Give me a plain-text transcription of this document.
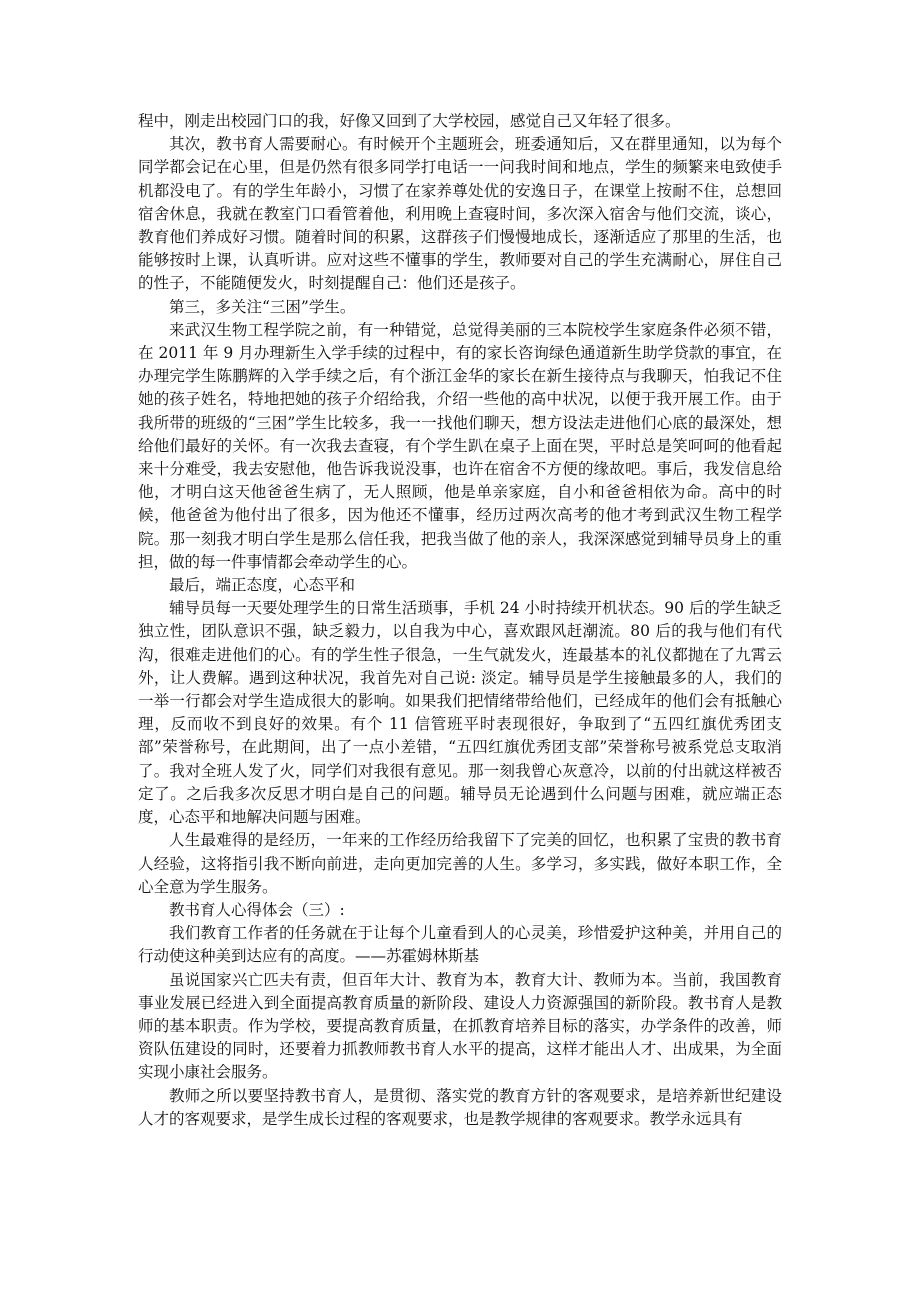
程中，刚走出校园门口的我，好像又回到了大学校园，感觉自己又年轻了很多。

其次，教书育人需要耐心。有时候开个主题班会，班委通知后，又在群里通知，以为每个同学都会记在心里，但是仍然有很多同学打电话一一问我时间和地点，学生的频繁来电致使手机都没电了。有的学生年龄小，习惯了在家养尊处优的安逸日子，在课堂上按耐不住，总想回宿舍休息，我就在教室门口看管着他，利用晚上查寝时间，多次深入宿舍与他们交流，谈心，教育他们养成好习惯。随着时间的积累，这群孩子们慢慢地成长，逐渐适应了那里的生活，也能够按时上课，认真听讲。应对这些不懂事的学生，教师要对自己的学生充满耐心，屏住自己的性子，不能随便发火，时刻提醒自己：他们还是孩子。

第三，多关注“三困”学生。

来武汉生物工程学院之前，有一种错觉，总觉得美丽的三本院校学生家庭条件必须不错，在 2011 年 9 月办理新生入学手续的过程中，有的家长咨询绿色通道新生助学贷款的事宜，在办理完学生陈鹏辉的入学手续之后，有个浙江金华的家长在新生接待点与我聊天，怕我记不住她的孩子姓名，特地把她的孩子介绍给我，介绍一些他的高中状况，以便于我开展工作。由于我所带的班级的“三困”学生比较多，我一一找他们聊天，想方设法走进他们心底的最深处，想给他们最好的关怀。有一次我去查寝，有个学生趴在桌子上面在哭，平时总是笑呵呵的他看起来十分难受，我去安慰他，他告诉我说没事，也许在宿舍不方便的缘故吧。事后，我发信息给他，才明白这天他爸爸生病了，无人照顾，他是单亲家庭，自小和爸爸相依为命。高中的时候，他爸爸为他付出了很多，因为他还不懂事，经历过两次高考的他才考到武汉生物工程学院。那一刻我才明白学生是那么信任我，把我当做了他的亲人，我深深感觉到辅导员身上的重担，做的每一件事情都会牵动学生的心。

最后，端正态度，心态平和

辅导员每一天要处理学生的日常生活琐事，手机 24 小时持续开机状态。90 后的学生缺乏独立性，团队意识不强，缺乏毅力，以自我为中心，喜欢跟风赶潮流。80 后的我与他们有代沟，很难走进他们的心。有的学生性子很急，一生气就发火，连最基本的礼仪都抛在了九霄云外，让人费解。遇到这种状况，我首先对自己说: 淡定。辅导员是学生接触最多的人，我们的一举一行都会对学生造成很大的影响。如果我们把情绪带给他们，已经成年的他们会有抵触心理，反而收不到良好的效果。有个 11 信管班平时表现很好，争取到了“五四红旗优秀团支部”荣誉称号，在此期间，出了一点小差错，“五四红旗优秀团支部”荣誉称号被系党总支取消了。我对全班人发了火，同学们对我很有意见。那一刻我曾心灰意冷，以前的付出就这样被否定了。之后我多次反思才明白是自己的问题。辅导员无论遇到什么问题与困难，就应端正态度，心态平和地解决问题与困难。

人生最难得的是经历，一年来的工作经历给我留下了完美的回忆，也积累了宝贵的教书育人经验，这将指引我不断向前进，走向更加完善的人生。多学习，多实践，做好本职工作，全心全意为学生服务。

教书育人心得体会（三）:

我们教育工作者的任务就在于让每个儿童看到人的心灵美，珍惜爱护这种美，并用自己的行动使这种美到达应有的高度。——苏霍姆林斯基

虽说国家兴亡匹夫有责，但百年大计、教育为本，教育大计、教师为本。当前，我国教育事业发展已经进入到全面提高教育质量的新阶段、建设人力资源强国的新阶段。教书育人是教师的基本职责。作为学校，要提高教育质量，在抓教育培养目标的落实，办学条件的改善，师资队伍建设的同时，还要着力抓教师教书育人水平的提高，这样才能出人才、出成果，为全面实现小康社会服务。

教师之所以要坚持教书育人，是贯彻、落实党的教育方针的客观要求，是培养新世纪建设人才的客观要求，是学生成长过程的客观要求，也是教学规律的客观要求。教学永远具有
